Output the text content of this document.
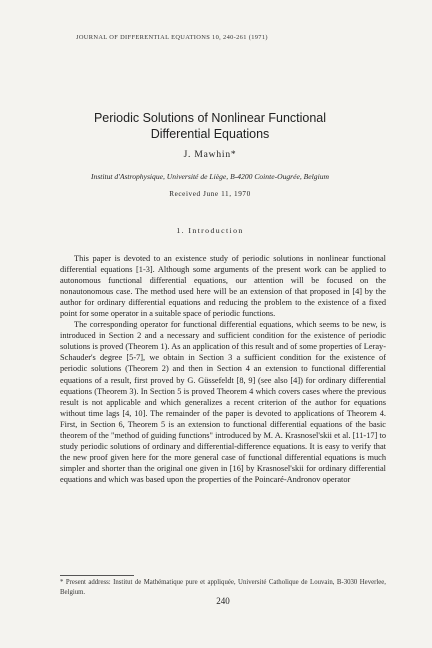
JOURNAL OF DIFFERENTIAL EQUATIONS 10, 240-261 (1971)
Periodic Solutions of Nonlinear Functional
Differential Equations
J. Mawhin*
Institut d'Astrophysique, Université de Liège, B-4200 Cointe-Ougrée, Belgium
Received June 11, 1970
1. Introduction

This paper is devoted to an existence study of periodic solutions in nonlinear functional differential equations [1-3]. Although some arguments of the present work can be applied to autonomous functional differential equations, our attention will be focused on the nonautonomous case. The method used here will be an extension of that proposed in [4] by the author for ordinary differential equations and reducing the problem to the existence of a fixed point for some operator in a suitable space of periodic functions.

The corresponding operator for functional differential equations, which seems to be new, is introduced in Section 2 and a necessary and sufficient condition for the existence of periodic solutions is proved (Theorem 1). As an application of this result and of some properties of Leray-Schauder's degree [5-7], we obtain in Section 3 a sufficient condition for the existence of periodic solutions (Theorem 2) and then in Section 4 an extension to functional differential equations of a result, first proved by G. Güssefeldt [8, 9] (see also [4]) for ordinary differential equations (Theorem 3). In Section 5 is proved Theorem 4 which covers cases where the previous result is not applicable and which generalizes a recent criterion of the author for equations without time lags [4, 10]. The remainder of the paper is devoted to applications of Theorem 4. First, in Section 6, Theorem 5 is an extension to functional differential equations of the basic theorem of the "method of guiding functions" introduced by M. A. Krasnosel'skii et al. [11-17] to study periodic solutions of ordinary and differential-difference equations. It is easy to verify that the new proof given here for the more general case of functional differential equations is much simpler and shorter than the original one given in [16] by Krasnosel'skii for ordinary differential equations and which was based upon the properties of the Poincaré-Andronov operator

* Present address: Institut de Mathématique pure et appliquée, Université Catholique de Louvain, B-3030 Heverlee, Belgium.
240
